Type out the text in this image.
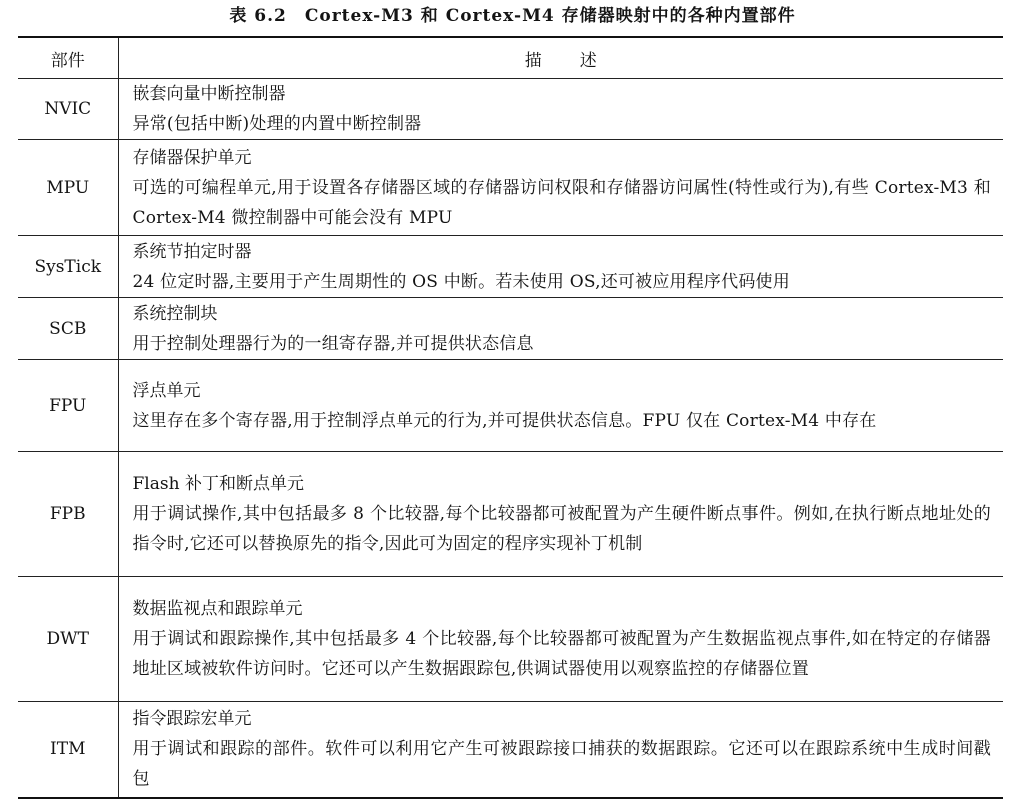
表 6.2　Cortex-M3 和 Cortex-M4 存储器映射中的各种内置部件
部件	描述
NVIC	嵌套向量中断控制器
异常(包括中断)处理的内置中断控制器

MPU	存储器保护单元
可选的可编程单元,用于设置各存储器区域的存储器访问权限和存储器访问属性(特性或行为),有些 Cortex-M3 和 Cortex-M4 微控制器中可能会没有 MPU

SysTick	系统节拍定时器
24 位定时器,主要用于产生周期性的 OS 中断。若未使用 OS,还可被应用程序代码使用

SCB	系统控制块
用于控制处理器行为的一组寄存器,并可提供状态信息

FPU	浮点单元
这里存在多个寄存器,用于控制浮点单元的行为,并可提供状态信息。FPU 仅在 Cortex-M4 中存在

FPB	Flash 补丁和断点单元
用于调试操作,其中包括最多 8 个比较器,每个比较器都可被配置为产生硬件断点事件。例如,在执行断点地址处的指令时,它还可以替换原先的指令,因此可为固定的程序实现补丁机制

DWT	数据监视点和跟踪单元
用于调试和跟踪操作,其中包括最多 4 个比较器,每个比较器都可被配置为产生数据监视点事件,如在特定的存储器地址区域被软件访问时。它还可以产生数据跟踪包,供调试器使用以观察监控的存储器位置

ITM	指令跟踪宏单元
用于调试和跟踪的部件。软件可以利用它产生可被跟踪接口捕获的数据跟踪。它还可以在跟踪系统中生成时间戳包
